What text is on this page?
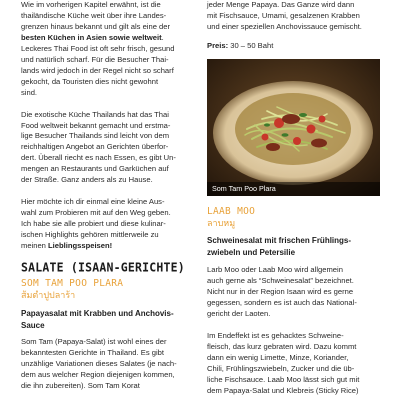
Wie im vorherigen Kapitel erwähnt, ist die
thailändische Küche weit über ihre Landes-
grenzen hinaus bekannt und gilt als eine der
besten Küchen in Asien sowie weltweit.
Leckeres Thai Food ist oft sehr frisch, gesund
und natürlich scharf. Für die Besucher Thai-
lands wird jedoch in der Regel nicht so scharf
gekocht, da Touristen dies nicht gewohnt
sind.

Die exotische Küche Thailands hat das Thai
Food weltweit bekannt gemacht und erstma-
lige Besucher Thailands sind leicht von dem
reichhaltigen Angebot an Gerichten überfor-
dert. Überall riecht es nach Essen, es gibt Un-
mengen an Restaurants und Garküchen auf
der Straße. Ganz anders als zu Hause.

Hier möchte ich dir einmal eine kleine Aus-
wahl zum Probieren mit auf den Weg geben.
Ich habe sie alle probiert und diese kulinar-
ischen Highlights gehören mittlerweile zu
meinen Lieblingsspeisen!

SALATE (ISAAN-GERICHTE)
SOM TAM POO PLARA
ส้มตำปูปลาร้า
Papayasalat mit Krabben und Anchovis-
Sauce

Som Tam (Papaya-Salat) ist wohl eines der
bekanntesten Gerichte in Thailand. Es gibt
unzählige Variationen dieses Salates (je nach-
dem aus welcher Region diejenigen kommen,
die ihn zubereiten). Som Tam Korat

jeder Menge Papaya. Das Ganze wird dann
mit Fischsauce, Umami, gesalzenen Krabben
und einer speziellen Anchovissauce gemischt.

Preis: 30 – 50 Baht

Som Tam Poo Plara
LAAB MOO
ลาบหมู
Schweinesalat mit frischen Frühlings-
zwiebeln und Petersilie

Larb Moo oder Laab Moo wird allgemein
auch gerne als “Schweinesalat” bezeichnet.
Nicht nur in der Region Isaan wird es gerne
gegessen, sondern es ist auch das National-
gericht der Laoten.

Im Endeffekt ist es gehacktes Schweine-
fleisch, das kurz gebraten wird. Dazu kommt
dann ein wenig Limette, Minze, Koriander,
Chili, Frühlingszwiebeln, Zucker und die üb-
liche Fischsauce. Laab Moo lässt sich gut mit
dem Papaya-Salat und Klebreis (Sticky Rice)
